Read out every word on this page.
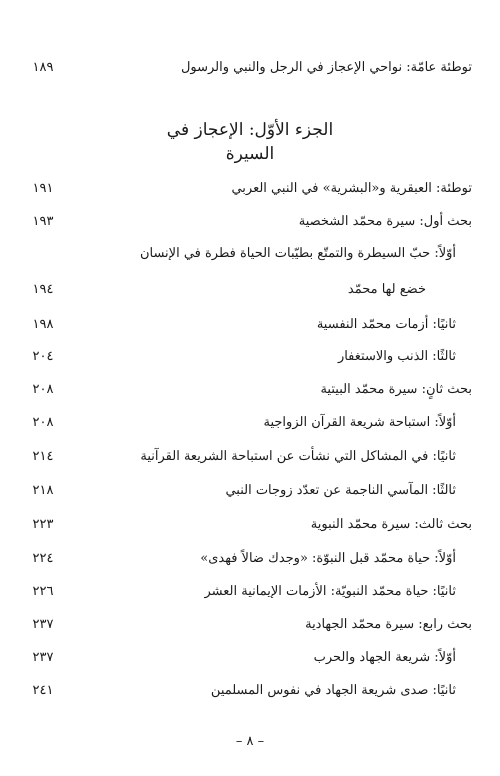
توطئة عامّة: نواحي الإعجاز في الرجل والنبي والرسول
١٨٩
الجزء الأوّل: الإعجاز في السيرة
توطئة: العبقرية و«البشرية» في النبي العربي
١٩١
بحث أول: سيرة محمّد الشخصية
١٩٣
أوّلاً: حبّ السيطرة والتمتّع بطيّبات الحياة فطرة في الإنسان
خضع لها محمّد
١٩٤
ثانيًا: أزمات محمّد النفسية
١٩٨
ثالثًا: الذنب والاستغفار
٢٠٤
بحث ثانٍ: سيرة محمّد البيتية
٢٠٨
أوّلاً: استباحة شريعة القرآن الزواجية
٢٠٨
ثانيًا: في المشاكل التي نشأت عن استباحة الشريعة القرآنية
٢١٤
ثالثًا: المآسي الناجمة عن تعدّد زوجات النبي
٢١٨
بحث ثالث: سيرة محمّد النبوية
٢٢٣
أوّلاً: حياة محمّد قبل النبوّة: «وجدك ضالاً فهدى»
٢٢٤
ثانيًا: حياة محمّد النبويّة: الأزمات الإيمانية العشر
٢٢٦
بحث رابع: سيرة محمّد الجهادية
٢٣٧
أوّلاً: شريعة الجهاد والحرب
٢٣٧
ثانيًا: صدى شريعة الجهاد في نفوس المسلمين
٢٤١
– ٨ –
